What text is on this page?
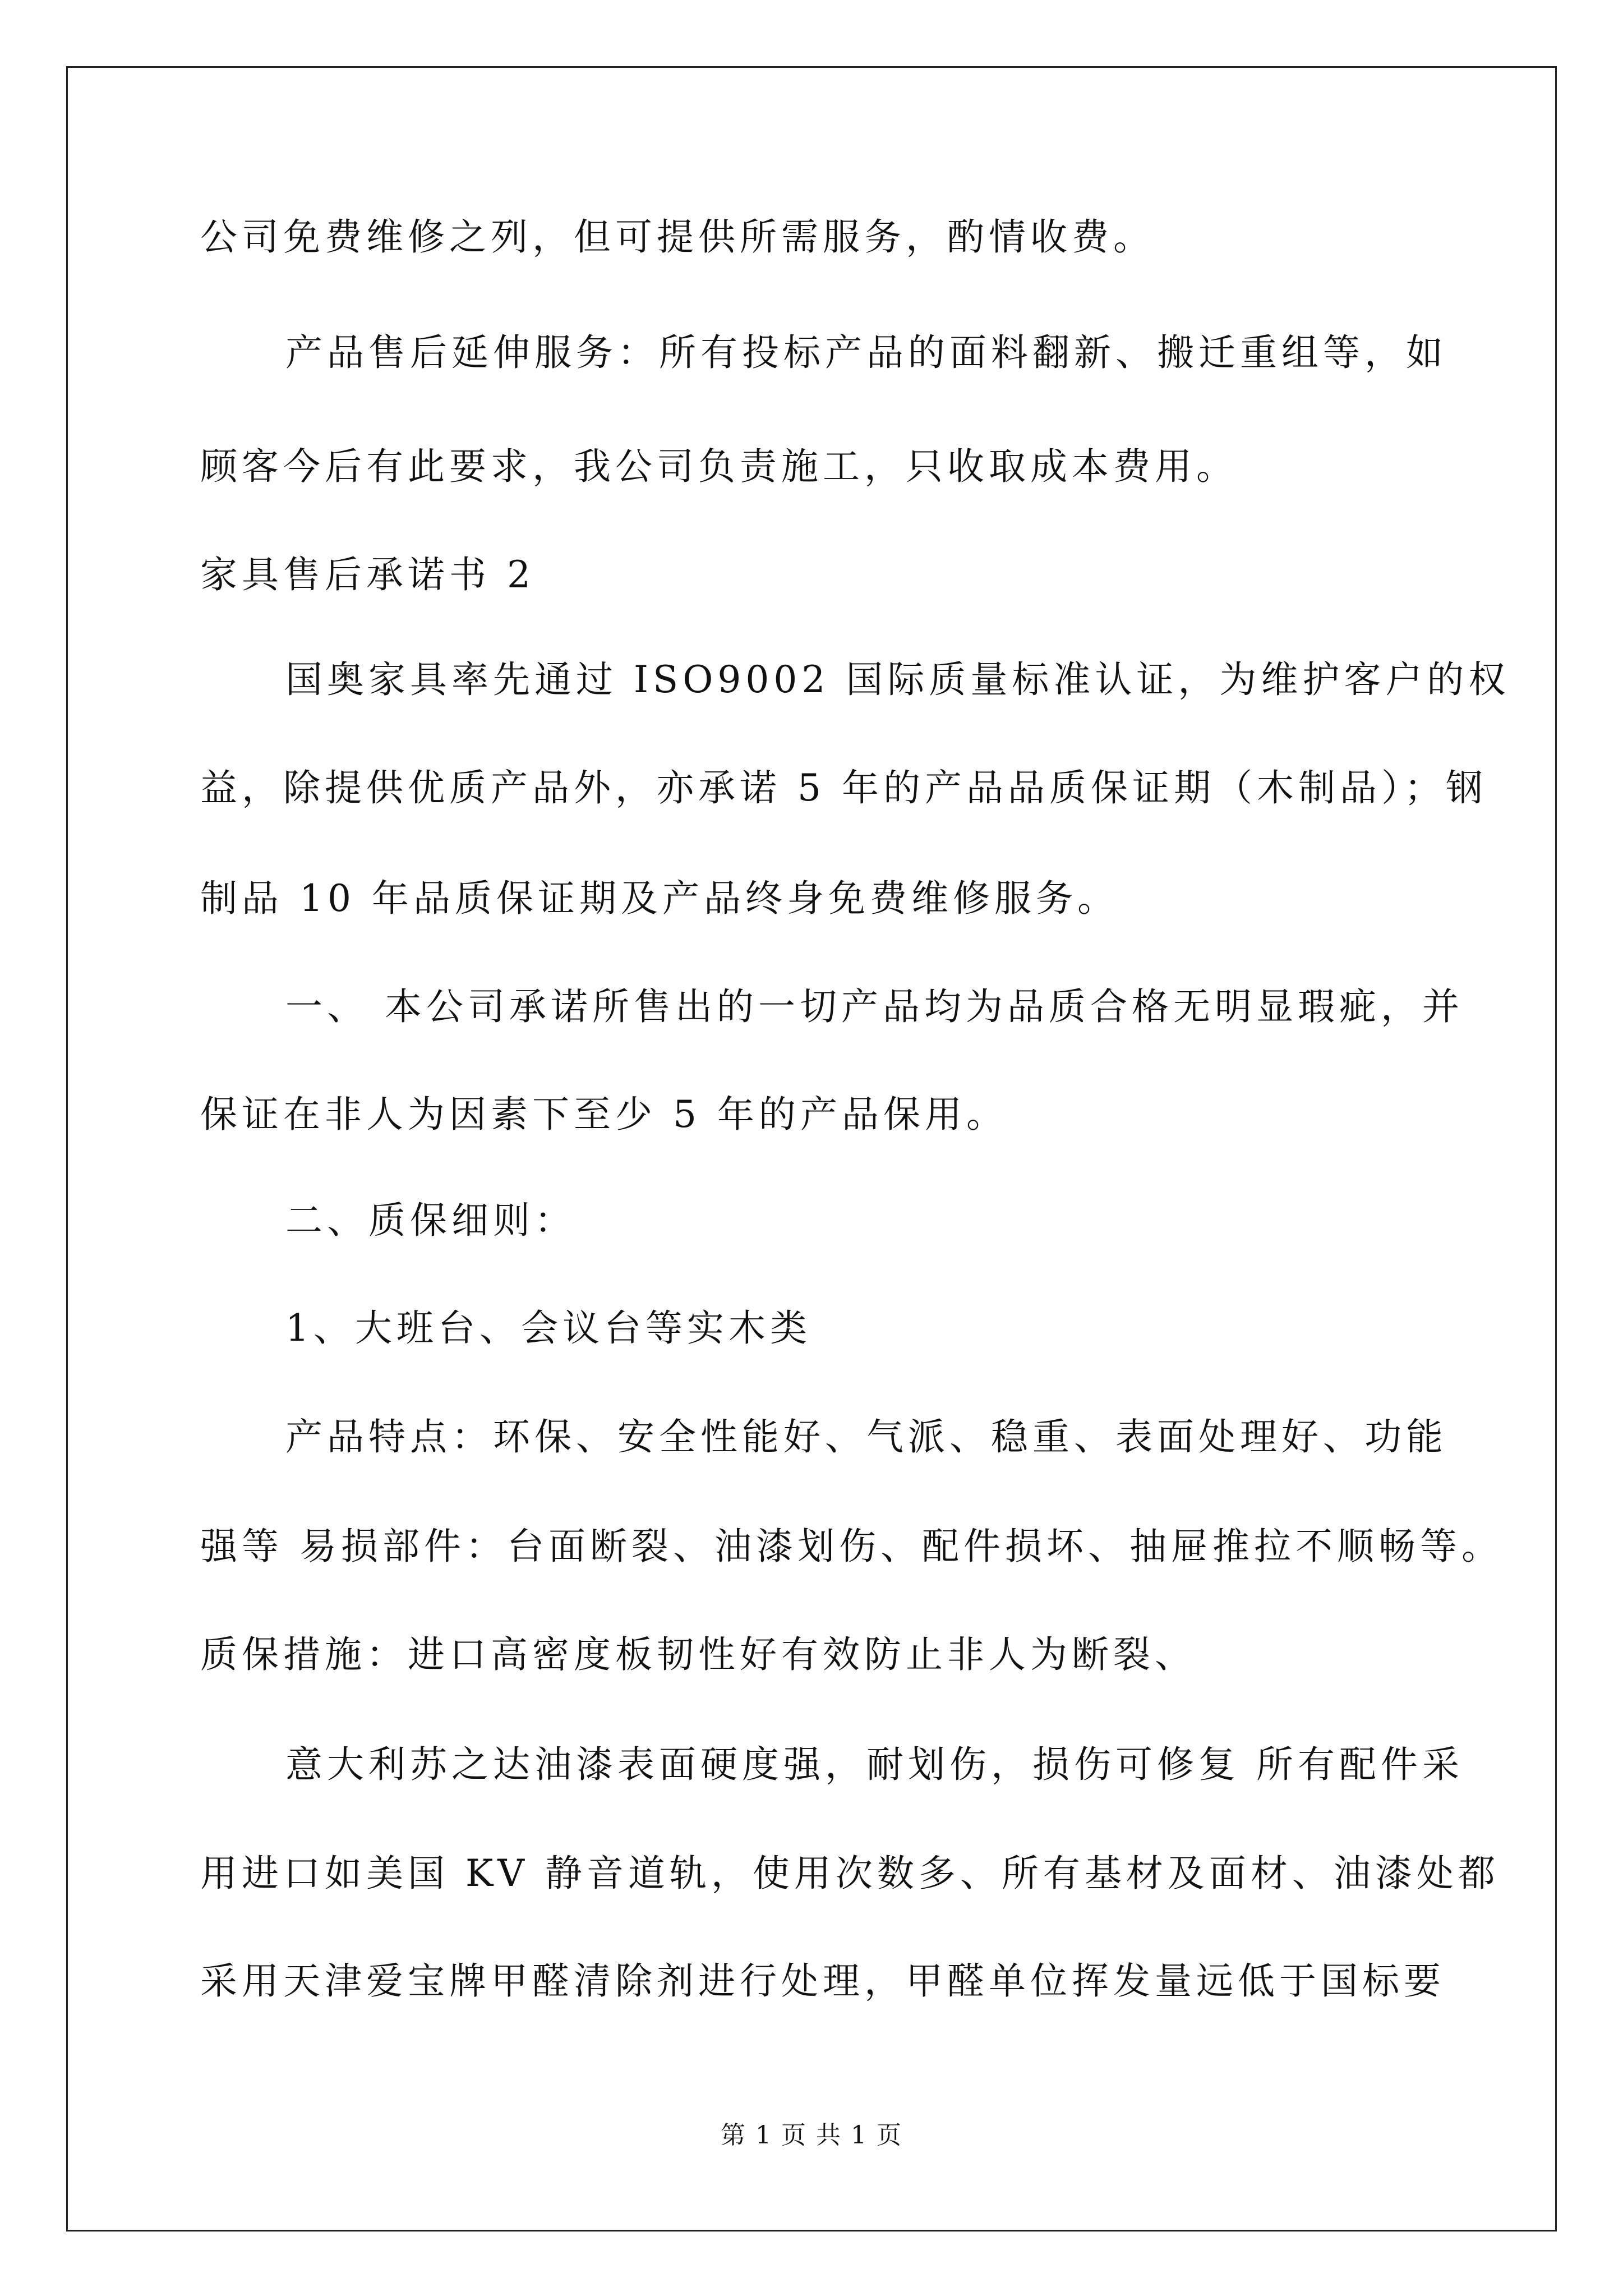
公司免费维修之列，但可提供所需服务，酌情收费。
产品售后延伸服务：所有投标产品的面料翻新、搬迁重组等，如
顾客今后有此要求，我公司负责施工，只收取成本费用。
家具售后承诺书 2
国奥家具率先通过 ISO9002 国际质量标准认证，为维护客户的权
益，除提供优质产品外，亦承诺 5 年的产品品质保证期（木制品）；钢
制品 10 年品质保证期及产品终身免费维修服务。
一、 本公司承诺所售出的一切产品均为品质合格无明显瑕疵，并
保证在非人为因素下至少 5 年的产品保用。
二、质保细则：
1、大班台、会议台等实木类
产品特点：环保、安全性能好、气派、稳重、表面处理好、功能
强等 易损部件：台面断裂、油漆划伤、配件损坏、抽屉推拉不顺畅等。
质保措施：进口高密度板韧性好有效防止非人为断裂、
意大利苏之达油漆表面硬度强，耐划伤，损伤可修复 所有配件采
用进口如美国 KV 静音道轨，使用次数多、所有基材及面材、油漆处都
采用天津爱宝牌甲醛清除剂进行处理，甲醛单位挥发量远低于国标要
第 1 页 共 1 页
